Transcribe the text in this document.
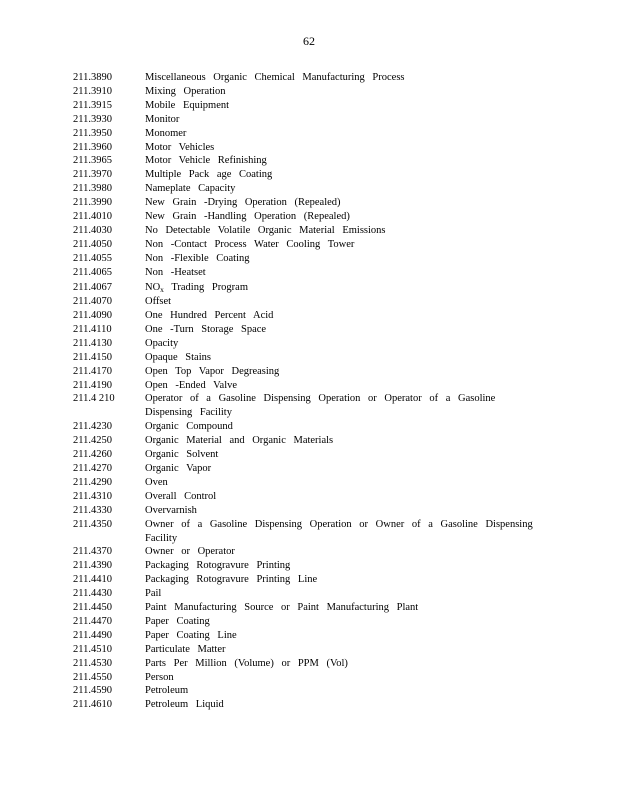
62
211.3890	Miscellaneous Organic Chemical Manufacturing Process
211.3910	Mixing Operation
211.3915	Mobile Equipment
211.3930	Monitor
211.3950	Monomer
211.3960	Motor Vehicles
211.3965	Motor Vehicle Refinishing
211.3970	Multiple Pack age Coating
211.3980	Nameplate Capacity
211.3990	New Grain -Drying Operation (Repealed)
211.4010	New Grain -Handling Operation (Repealed)
211.4030	No Detectable Volatile Organic Material Emissions
211.4050	Non -Contact Process Water Cooling Tower
211.4055	Non -Flexible Coating
211.4065	Non -Heatset
211.4067	$NO_x$ Trading Program
211.4070	Offset
211.4090	One Hundred Percent Acid
211.4110	One -Turn Storage Space
211.4130	Opacity
211.4150	Opaque Stains
211.4170	Open Top Vapor Degreasing
211.4190	Open -Ended Valve
211.4 210	Operator of a Gasoline Dispensing Operation or Operator of a Gasoline Dispensing Facility
211.4230	Organic Compound
211.4250	Organic Material and Organic Materials
211.4260	Organic Solvent
211.4270	Organic Vapor
211.4290	Oven
211.4310	Overall Control
211.4330	Overvarnish
211.4350	Owner of a Gasoline Dispensing Operation or Owner of a Gasoline Dispensing Facility
211.4370	Owner or Operator
211.4390	Packaging Rotogravure Printing
211.4410	Packaging Rotogravure Printing Line
211.4430	Pail
211.4450	Paint Manufacturing Source or Paint Manufacturing Plant
211.4470	Paper Coating
211.4490	Paper Coating Line
211.4510	Particulate Matter
211.4530	Parts Per Million (Volume) or PPM (Vol)
211.4550	Person
211.4590	Petroleum
211.4610	Petroleum Liquid
